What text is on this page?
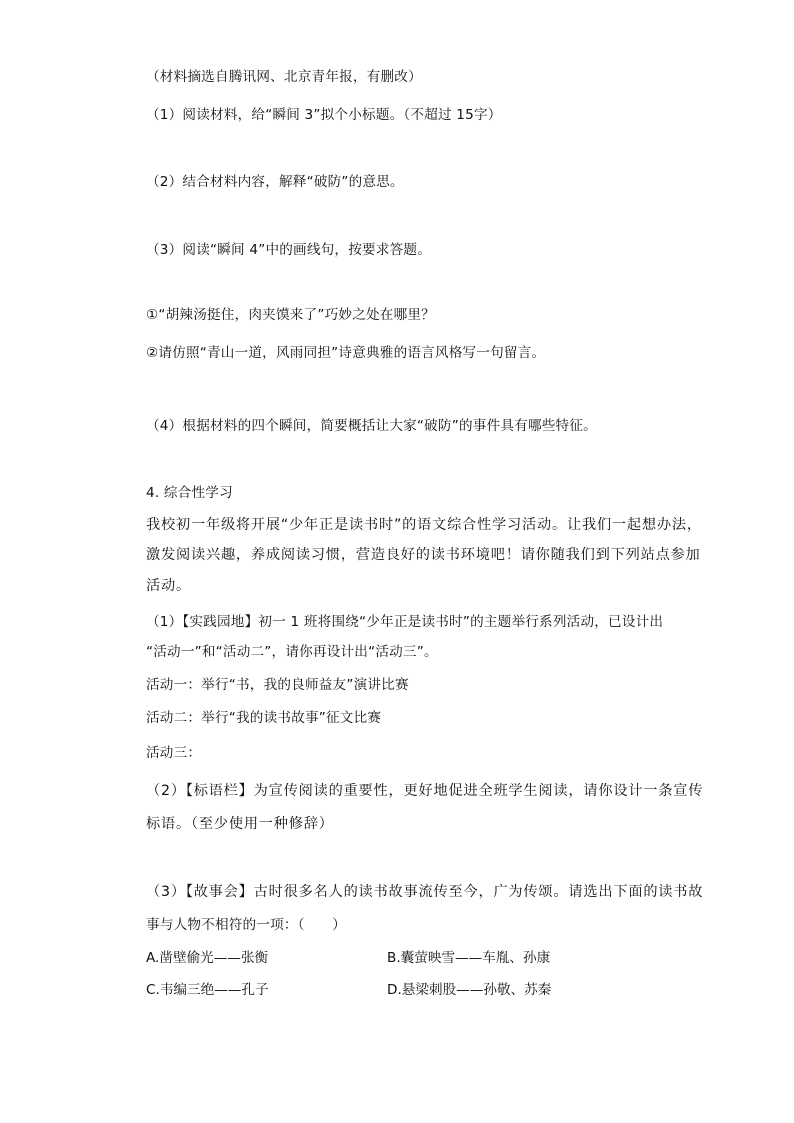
（材料摘选自腾讯网、北京青年报，有删改）
（1）阅读材料，给“瞬间 3”拟个小标题。（不超过 15字）
（2）结合材料内容，解释“破防”的意思。
（3）阅读“瞬间 4”中的画线句，按要求答题。
①“胡辣汤挺住，肉夹馍来了”巧妙之处在哪里？
②请仿照“青山一道，风雨同担”诗意典雅的语言风格写一句留言。
（4）根据材料的四个瞬间，简要概括让大家“破防”的事件具有哪些特征。
4. 综合性学习
我校初一年级将开展“少年正是读书时”的语文综合性学习活动。让我们一起想办法，
激发阅读兴趣，养成阅读习惯，营造良好的读书环境吧！请你随我们到下列站点参加
活动。
（1）【实践园地】初一 1 班将围绕“少年正是读书时”的主题举行系列活动，已设计出
“活动一”和“活动二”，请你再设计出“活动三”。
活动一：举行“书，我的良师益友”演讲比赛
活动二：举行“我的读书故事”征文比赛
活动三：
（2）【标语栏】为宣传阅读的重要性，更好地促进全班学生阅读，请你设计一条宣传
标语。（至少使用一种修辞）
（3）【故事会】古时很多名人的读书故事流传至今，广为传颂。请选出下面的读书故
事与人物不相符的一项：（　　）
A.凿壁偷光——张衡	B.囊萤映雪——车胤、孙康
C.韦编三绝——孔子	D.悬梁刺股——孙敬、苏秦
